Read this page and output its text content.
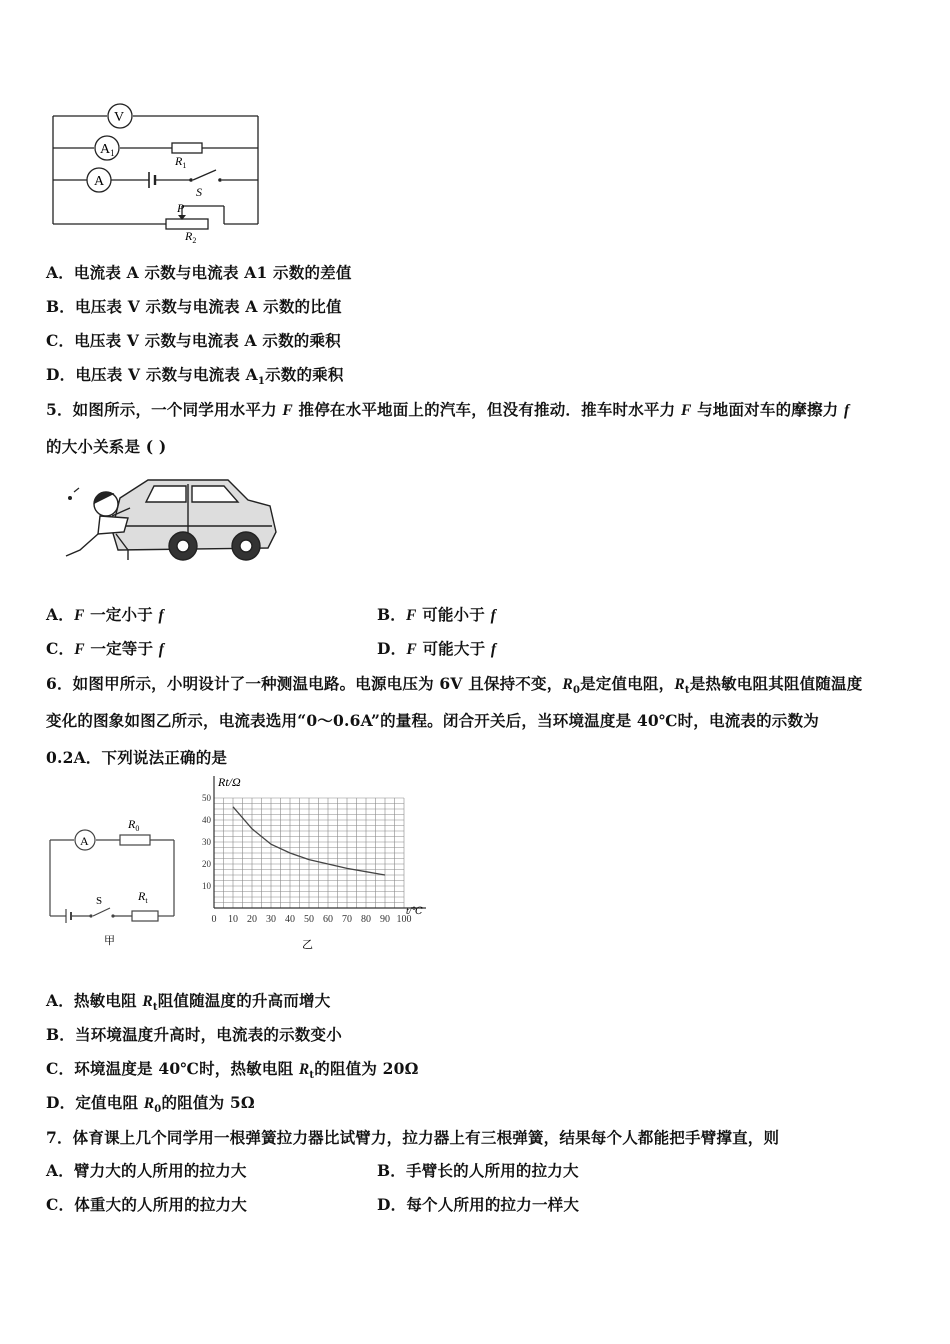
V
$A_1$
A
$R_1$
S
P
$R_2$
A．电流表 A 示数与电流表 A1 示数的差值
B．电压表 V 示数与电流表 A 示数的比值
C．电压表 V 示数与电流表 A 示数的乘积
D．电压表 V 示数与电流表 $A_1$示数的乘积
5．如图所示，一个同学用水平力 F 推停在水平地面上的汽车，但没有推动．推车时水平力 F 与地面对车的摩擦力 f
的大小关系是 ( )
A．F 一定小于 f	B．F 可能小于 f
C．F 一定等于 f	D．F 可能大于 f
6．如图甲所示，小明设计了一种测温电路。电源电压为 6V 且保持不变，$R_0$是定值电阻，$R_t$是热敏电阻其阻值随温度
变化的图象如图乙所示，电流表选用“0～0.6A”的量程。闭合开关后，当环境温度是 40℃时，电流表的示数为
0.2A．下列说法正确的是
A
$R_0$
S	$R_t$
甲
0 10 20 30 40 50 60 70 80 90 100
10
20
30
40
50
Rt/Ω
t/℃
乙
A．热敏电阻 $R_t$阻值随温度的升高而增大
B．当环境温度升高时，电流表的示数变小
C．环境温度是 40℃时，热敏电阻 $R_t$的阻值为 20Ω
D．定值电阻 $R_0$的阻值为 5Ω
7．体育课上几个同学用一根弹簧拉力器比试臂力，拉力器上有三根弹簧，结果每个人都能把手臂撑直，则
A．臂力大的人所用的拉力大	B．手臂长的人所用的拉力大
C．体重大的人所用的拉力大	D．每个人所用的拉力一样大
